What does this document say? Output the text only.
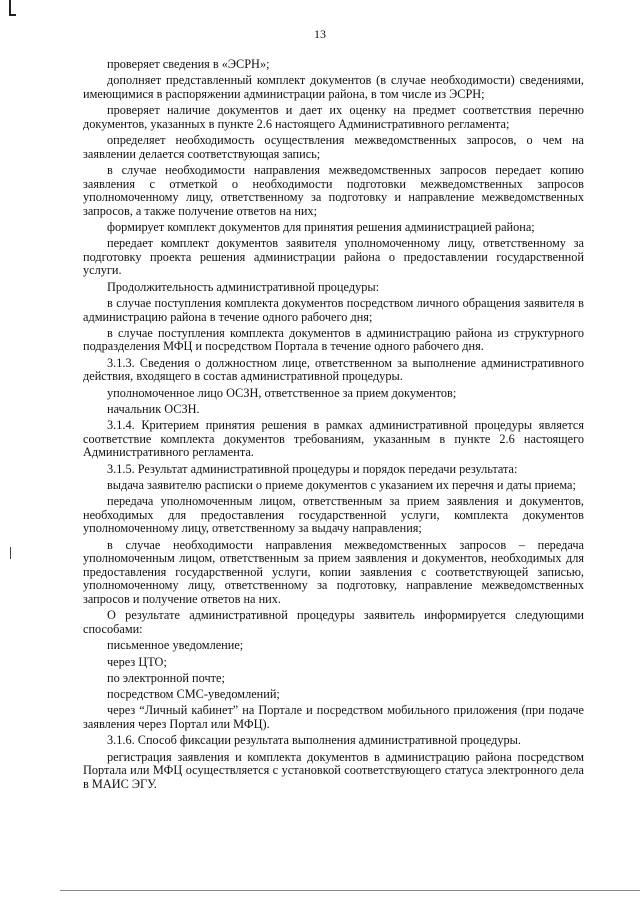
13

проверяет сведения в «ЭСРН»;

дополняет представленный комплект документов (в случае необходимости) сведениями, имеющимися в распоряжении администрации района, в том числе из ЭСРН;

проверяет наличие документов и дает их оценку на предмет соответствия перечню документов, указанных в пункте 2.6 настоящего Административного регламента;

определяет необходимость осуществления межведомственных запросов, о чем на заявлении делается соответствующая запись;

в случае необходимости направления межведомственных запросов передает копию заявления с отметкой о необходимости подготовки межведомственных запросов уполномоченному лицу, ответственному за подготовку и направление межведомственных запросов, а также получение ответов на них;

формирует комплект документов для принятия решения администрацией района;

передает комплект документов заявителя уполномоченному лицу, ответственному за подготовку проекта решения администрации района о предоставлении государственной услуги.

Продолжительность административной процедуры:

в случае поступления комплекта документов посредством личного обращения заявителя в администрацию района в течение одного рабочего дня;

в случае поступления комплекта документов в администрацию района из структурного подразделения МФЦ и посредством Портала в течение одного рабочего дня.

3.1.3. Сведения о должностном лице, ответственном за выполнение административного действия, входящего в состав административной процедуры.

уполномоченное лицо ОСЗН, ответственное за прием документов;

начальник ОСЗН.

3.1.4. Критерием принятия решения в рамках административной процедуры является соответствие комплекта документов требованиям, указанным в пункте 2.6 настоящего Административного регламента.

3.1.5. Результат административной процедуры и порядок передачи результата:

выдача заявителю расписки о приеме документов с указанием их перечня и даты приема;

передача уполномоченным лицом, ответственным за прием заявления и документов, необходимых для предоставления государственной услуги, комплекта документов уполномоченному лицу, ответственному за выдачу направления;

в случае необходимости направления межведомственных запросов – передача уполномоченным лицом, ответственным за прием заявления и документов, необходимых для предоставления государственной услуги, копии заявления с соответствующей записью, уполномоченному лицу, ответственному за подготовку, направление межведомственных запросов и получение ответов на них.

О результате административной процедуры заявитель информируется следующими способами:

письменное уведомление;

через ЦТО;

по электронной почте;

посредством СМС-уведомлений;

через “Личный кабинет” на Портале и посредством мобильного приложения (при подаче заявления через Портал или МФЦ).

3.1.6. Способ фиксации результата выполнения административной процедуры.

регистрация заявления и комплекта документов в администрацию района посредством Портала или МФЦ осуществляется с установкой соответствующего статуса электронного дела в МАИС ЭГУ.
